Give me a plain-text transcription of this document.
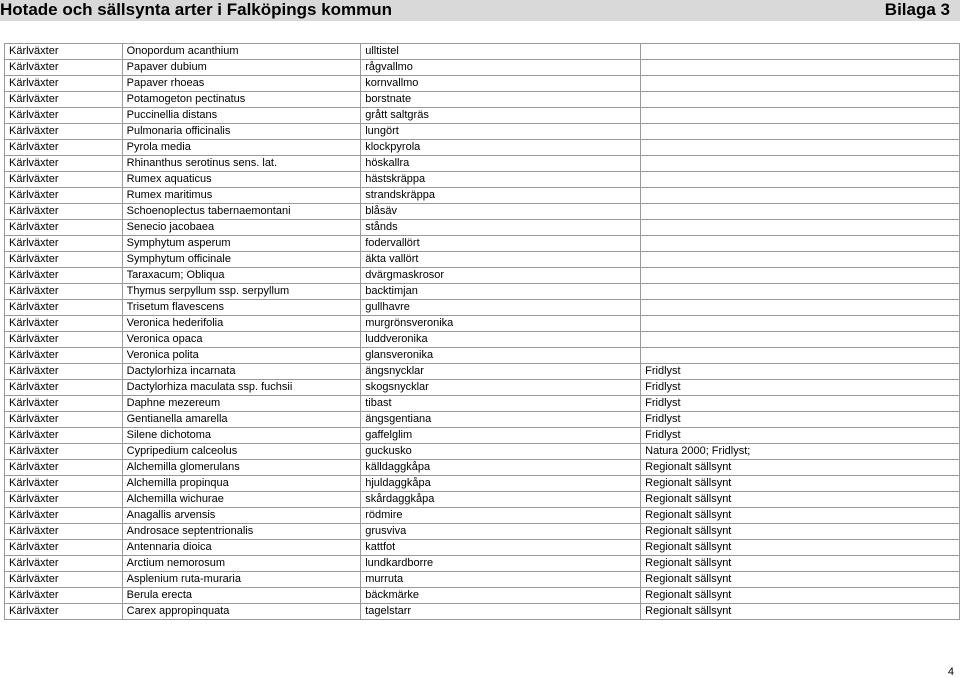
Hotade och sällsynta arter i Falköpings kommun	Bilaga 3
Kärlväxter	Onopordum acanthium	ulltistel	
Kärlväxter	Papaver dubium	rågvallmo	
Kärlväxter	Papaver rhoeas	kornvallmo	
Kärlväxter	Potamogeton pectinatus	borstnate	
Kärlväxter	Puccinellia distans	grått saltgräs	
Kärlväxter	Pulmonaria officinalis	lungört	
Kärlväxter	Pyrola media	klockpyrola	
Kärlväxter	Rhinanthus serotinus sens. lat.	höskallra	
Kärlväxter	Rumex aquaticus	hästskräppa	
Kärlväxter	Rumex maritimus	strandskräppa	
Kärlväxter	Schoenoplectus tabernaemontani	blåsäv	
Kärlväxter	Senecio jacobaea	stånds	
Kärlväxter	Symphytum asperum	fodervallört	
Kärlväxter	Symphytum officinale	äkta vallört	
Kärlväxter	Taraxacum; Obliqua	dvärgmaskrosor	
Kärlväxter	Thymus serpyllum ssp. serpyllum	backtimjan	
Kärlväxter	Trisetum flavescens	gullhavre	
Kärlväxter	Veronica hederifolia	murgrönsveronika	
Kärlväxter	Veronica opaca	luddveronika	
Kärlväxter	Veronica polita	glansveronika	
Kärlväxter	Dactylorhiza incarnata	ängsnycklar	Fridlyst
Kärlväxter	Dactylorhiza maculata ssp. fuchsii	skogsnycklar	Fridlyst
Kärlväxter	Daphne mezereum	tibast	Fridlyst
Kärlväxter	Gentianella amarella	ängsgentiana	Fridlyst
Kärlväxter	Silene dichotoma	gaffelglim	Fridlyst
Kärlväxter	Cypripedium calceolus	guckusko	Natura 2000; Fridlyst;
Kärlväxter	Alchemilla glomerulans	källdaggkåpa	Regionalt sällsynt
Kärlväxter	Alchemilla propinqua	hjuldaggkåpa	Regionalt sällsynt
Kärlväxter	Alchemilla wichurae	skårdaggkåpa	Regionalt sällsynt
Kärlväxter	Anagallis arvensis	rödmire	Regionalt sällsynt
Kärlväxter	Androsace septentrionalis	grusviva	Regionalt sällsynt
Kärlväxter	Antennaria dioica	kattfot	Regionalt sällsynt
Kärlväxter	Arctium nemorosum	lundkardborre	Regionalt sällsynt
Kärlväxter	Asplenium ruta-muraria	murruta	Regionalt sällsynt
Kärlväxter	Berula erecta	bäckmärke	Regionalt sällsynt
Kärlväxter	Carex appropinquata	tagelstarr	Regionalt sällsynt
4
